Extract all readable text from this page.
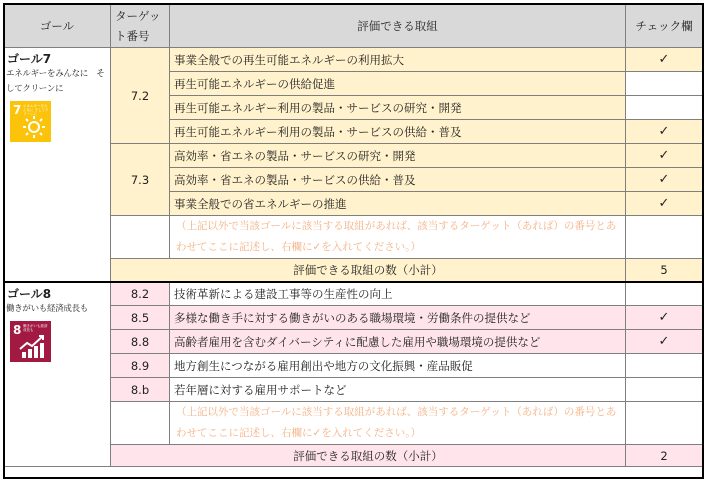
ゴール	ターゲット番号	評価できる取組	チェック欄

ゴール7
エネルギーをみんなに　そしてクリーンに
7 エネルギーをみんなに そしてクリーンに	7.2	事業全般での再生可能エネルギーの利用拡大	✓
		再生可能エネルギーの供給促進	
		再生可能エネルギー利用の製品・サービスの研究・開発	
		再生可能エネルギー利用の製品・サービスの供給・普及	✓
	7.3	高効率・省エネの製品・サービスの研究・開発	✓
		高効率・省エネの製品・サービスの供給・普及	✓
		事業全般での省エネルギーの推進	✓
		（上記以外で当該ゴールに該当する取組があれば、該当するターゲット（あれば）の番号とあわせてここに記述し、右欄に✓を入れてください。）	
	評価できる取組の数（小計）		5

ゴール8
働きがいも経済成長も
8 働きがいも経済成長も	8.2	技術革新による建設工事等の生産性の向上	
	8.5	多様な働き手に対する働きがいのある職場環境・労働条件の提供など	✓
	8.8	高齢者雇用を含むダイバーシティに配慮した雇用や職場環境の提供など	✓
	8.9	地方創生につながる雇用創出や地方の文化振興・産品販促	
	8.b	若年層に対する雇用サポートなど	
		（上記以外で当該ゴールに該当する取組があれば、該当するターゲット（あれば）の番号とあわせてここに記述し、右欄に✓を入れてください。）	
	評価できる取組の数（小計）		2
